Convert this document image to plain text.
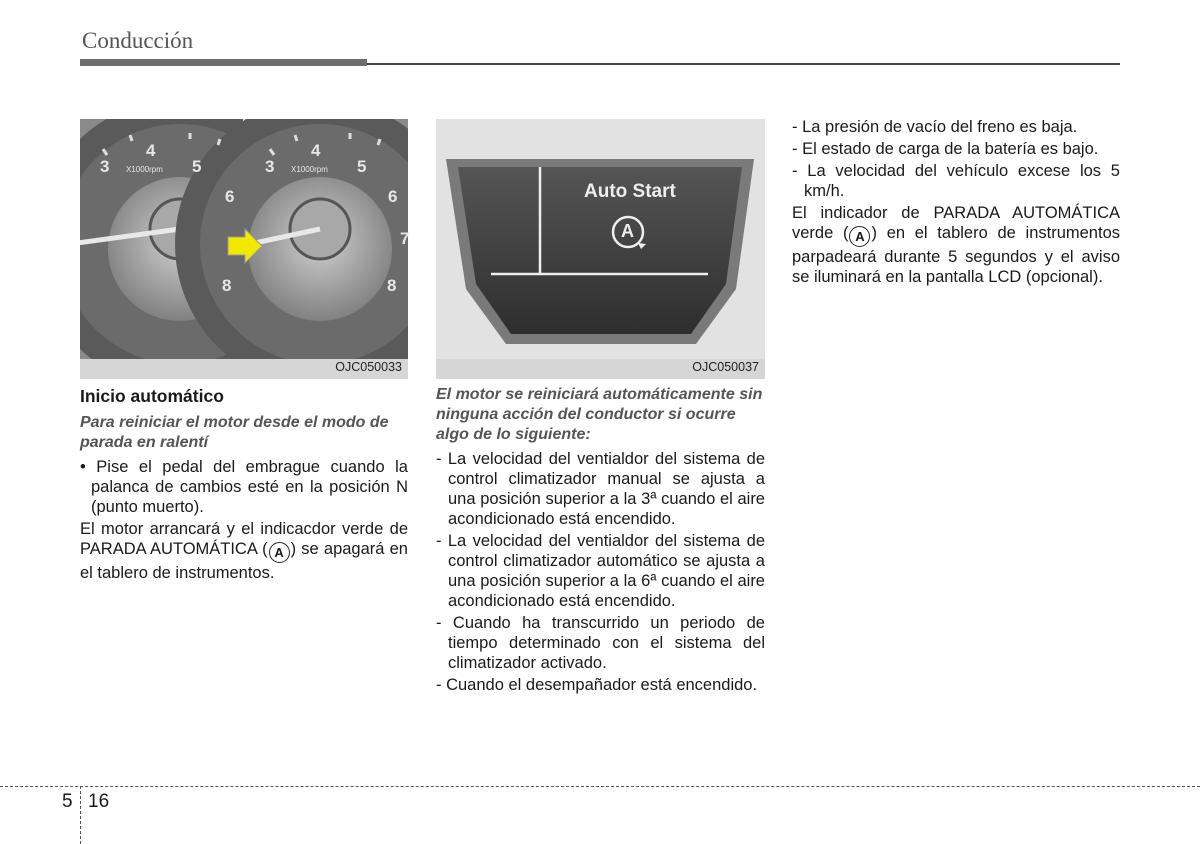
Conducción
3
4
5
6
8
X1000rpm	3
4
5
6
7
8
X1000rpm
OJC050033
Auto Start
A
OJC050037
Inicio automático
Para reiniciar el motor desde el modo de parada en ralentí
• Pise el pedal del embrague cuando la palanca de cambios esté en la posición N (punto muerto).

El motor arrancará y el indicacdor verde de PARADA AUTOMÁTICA ( A ) se apagará en el tablero de instrumentos.

El motor se reiniciará automáticamente sin ninguna acción del conductor si ocurre algo de lo siguiente:
- La velocidad del ventialdor del sistema de control climatizador manual se ajusta a una posición superior a la 3ª cuando el aire acondicionado está encendido.
- La velocidad del ventialdor del sistema de control climatizador automático se ajusta a una posición superior a la 6ª cuando el aire acondicionado está encendido.
- Cuando ha transcurrido un periodo de tiempo determinado con el sistema del climatizador activado.
- Cuando el desempañador está encendido.
- La presión de vacío del freno es baja.
- El estado de carga de la batería es bajo.
- La velocidad del vehículo excese los 5 km/h.

El indicador de PARADA AUTOMÁTICA verde ( A ) en el tablero de instrumentos parpadeará durante 5 segundos y el aviso se iluminará en la pantalla LCD (opcional).

5 16
